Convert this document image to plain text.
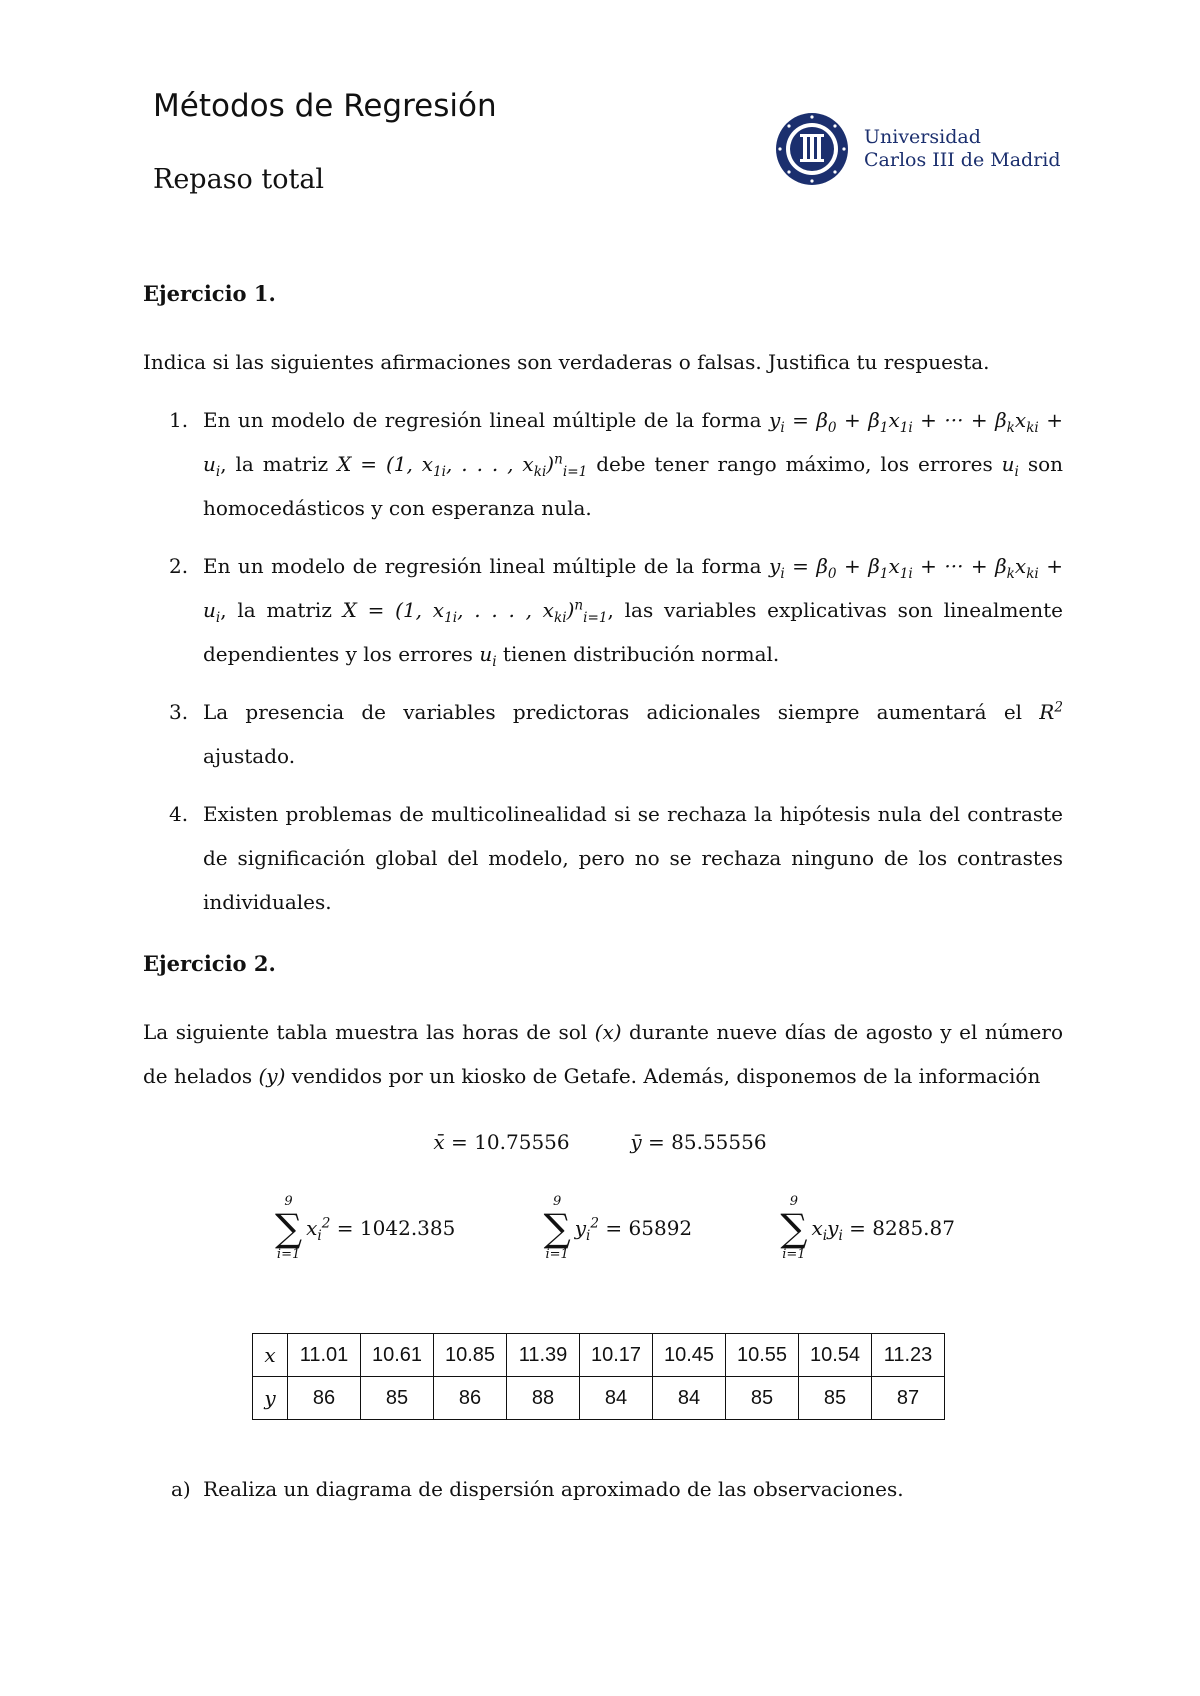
Métodos de Regresión
Repaso total
Universidad
Carlos III de Madrid
Ejercicio 1.
Indica si las siguientes afirmaciones son verdaderas o falsas. Justifica tu respuesta.
1. En un modelo de regresión lineal múltiple de la forma $y_i = \beta_0 + \beta_1x_{1i}$ + ··· + $\beta_kx_{ki} + u_i$, la matriz X = (1, $x_{1i}$, . . . , $x_{ki})^n_{i=1}$ debe tener rango máximo, los errores $u_i$ son homocedásticos y con esperanza nula.
2. En un modelo de regresión lineal múltiple de la forma $y_i = \beta_0 + \beta_1x_{1i}$ + ··· + $\beta_kx_{ki} + u_i$, la matriz X = (1, $x_{1i}$, . . . , $x_{ki})^n_{i=1}$, las variables explicativas son linealmente dependientes y los errores $u_i$ tienen distribución normal.
3. La presencia de variables predictoras adicionales siempre aumentará el $R^2$ ajustado.
4. Existen problemas de multicolinealidad si se rechaza la hipótesis nula del contraste de significación global del modelo, pero no se rechaza ninguno de los contrastes individuales.
Ejercicio 2.
La siguiente tabla muestra las horas de sol (x) durante nueve días de agosto y el número de helados (y) vendidos por un kiosko de Getafe. Además, disponemos de la información
x̄ = 10.75556	ȳ = 85.55556
9
∑
i=1
$x_i^2 = 1042.385$
9
∑
i=1
$y_i^2 = 65892$
9
∑
i=1
$x_iy_i = 8285.87$
x	11.01	10.61	10.85	11.39	10.17	10.45	10.55	10.54	11.23
y	86	85	86	88	84	84	85	85	87
a) Realiza un diagrama de dispersión aproximado de las observaciones.
